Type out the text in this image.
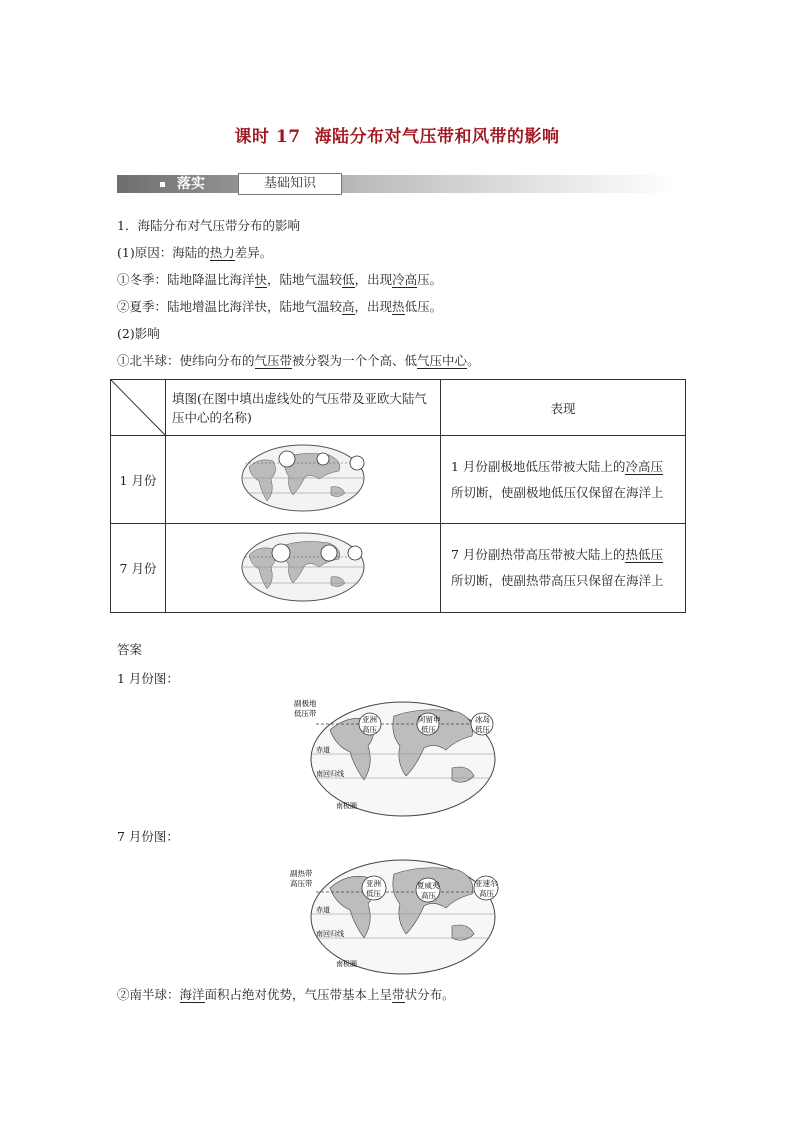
课时 17 海陆分布对气压带和风带的影响
落实	基础知识
1．海陆分布对气压带分布的影响
(1)原因：海陆的热力差异。
①冬季：陆地降温比海洋快，陆地气温较低，出现冷高压。
②夏季：陆地增温比海洋快，陆地气温较高，出现热低压。
(2)影响
①北半球：使纬向分布的气压带被分裂为一个个高、低气压中心。
	填图(在图中填出虚线处的气压带及亚欧大陆气压中心的名称)	表现
1 月份		1 月份副极地低压带被大陆上的冷高压所切断，使副极地低压仅保留在海洋上
7 月份		7 月份副热带高压带被大陆上的热低压所切断，使副热带高压只保留在海洋上
答案
1 月份图：
副极地
低压带
亚洲
高压
阿留申
低压
冰岛
低压
赤道
南回归线
南极圈
7 月份图：
副热带
高压带	亚洲
低压
夏威夷
高压
亚速尔
高压
赤道
南回归线
南极圈
②南半球：海洋面积占绝对优势，气压带基本上呈带状分布。
